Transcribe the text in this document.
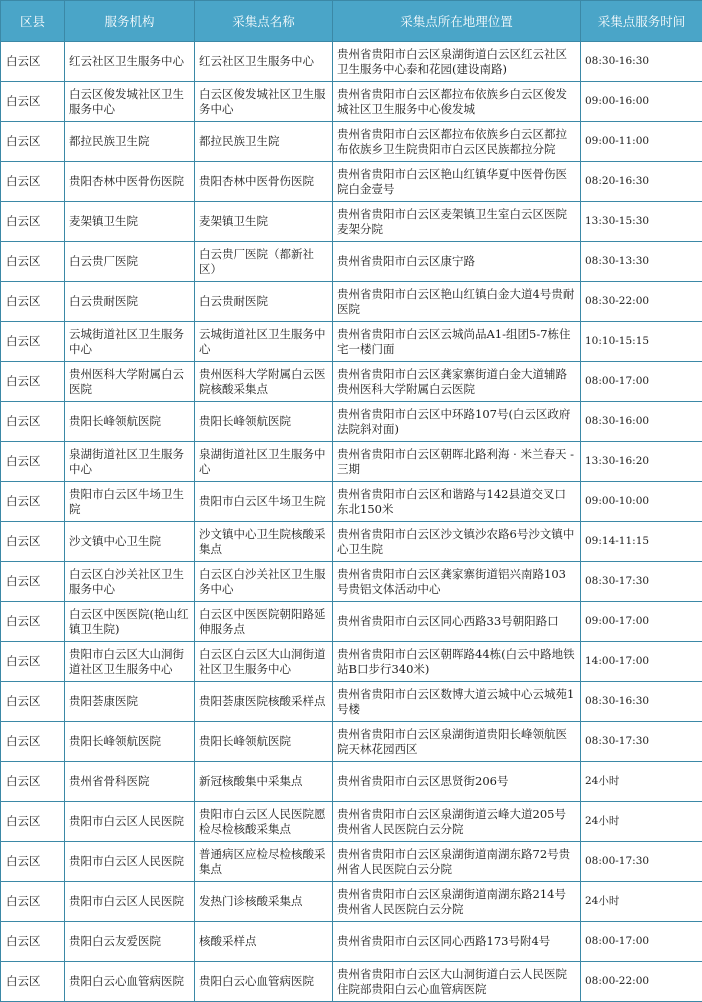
区县	服务机构	采集点名称	采集点所在地理位置	采集点服务时间
白云区	红云社区卫生服务中心	红云社区卫生服务中心	贵州省贵阳市白云区泉湖街道白云区红云社区卫生服务中心泰和花园(建设南路)	08:30-16:30
白云区	白云区俊发城社区卫生服务中心	白云区俊发城社区卫生服务中心	贵州省贵阳市白云区都拉布依族乡白云区俊发城社区卫生服务中心俊发城	09:00-16:00
白云区	都拉民族卫生院	都拉民族卫生院	贵州省贵阳市白云区都拉布依族乡白云区都拉布依族乡卫生院贵阳市白云区民族都拉分院	09:00-11:00
白云区	贵阳杏林中医骨伤医院	贵阳杏林中医骨伤医院	贵州省贵阳市白云区艳山红镇华夏中医骨伤医院白金壹号	08:20-16:30
白云区	麦架镇卫生院	麦架镇卫生院	贵州省贵阳市白云区麦架镇卫生室白云区医院麦架分院	13:30-15:30
白云区	白云贵厂医院	白云贵厂医院（都新社区）	贵州省贵阳市白云区康宁路	08:30-13:30
白云区	白云贵耐医院	白云贵耐医院	贵州省贵阳市白云区艳山红镇白金大道4号贵耐医院	08:30-22:00
白云区	云城街道社区卫生服务中心	云城街道社区卫生服务中心	贵州省贵阳市白云区云城尚品A1-组团5-7栋住宅一楼门面	10:10-15:15
白云区	贵州医科大学附属白云医院	贵州医科大学附属白云医院核酸采集点	贵州省贵阳市白云区龚家寨街道白金大道辅路贵州医科大学附属白云医院	08:00-17:00
白云区	贵阳长峰领航医院	贵阳长峰领航医院	贵州省贵阳市白云区中环路107号(白云区政府法院斜对面)	08:30-16:00
白云区	泉湖街道社区卫生服务中心	泉湖街道社区卫生服务中心	贵州省贵阳市白云区朝晖北路利海 · 米兰春天 -三期	13:30-16:20
白云区	贵阳市白云区牛场卫生院	贵阳市白云区牛场卫生院	贵州省贵阳市白云区和谐路与142县道交叉口东北150米	09:00-10:00
白云区	沙文镇中心卫生院	沙文镇中心卫生院核酸采集点	贵州省贵阳市白云区沙文镇沙农路6号沙文镇中心卫生院	09:14-11:15
白云区	白云区白沙关社区卫生服务中心	白云区白沙关社区卫生服务中心	贵州省贵阳市白云区龚家寨街道铝兴南路103号贵铝文体活动中心	08:30-17:30
白云区	白云区中医医院(艳山红镇卫生院)	白云区中医医院朝阳路延伸服务点	贵州省贵阳市白云区同心西路33号朝阳路口	09:00-17:00
白云区	贵阳市白云区大山洞街道社区卫生服务中心	白云区白云区大山洞街道社区卫生服务中心	贵州省贵阳市白云区朝晖路44栋(白云中路地铁站B口步行340米)	14:00-17:00
白云区	贵阳荟康医院	贵阳荟康医院核酸采样点	贵州省贵阳市白云区数博大道云城中心云城苑1号楼	08:30-16:30
白云区	贵阳长峰领航医院	贵阳长峰领航医院	贵州省贵阳市白云区泉湖街道贵阳长峰领航医院天林花园西区	08:30-17:30
白云区	贵州省骨科医院	新冠核酸集中采集点	贵州省贵阳市白云区思贤街206号	24小时
白云区	贵阳市白云区人民医院	贵阳市白云区人民医院愿检尽检核酸采集点	贵州省贵阳市白云区泉湖街道云峰大道205号贵州省人民医院白云分院	24小时
白云区	贵阳市白云区人民医院	普通病区应检尽检核酸采集点	贵州省贵阳市白云区泉湖街道南湖东路72号贵州省人民医院白云分院	08:00-17:30
白云区	贵阳市白云区人民医院	发热门诊核酸采集点	贵州省贵阳市白云区泉湖街道南湖东路214号贵州省人民医院白云分院	24小时
白云区	贵阳白云友爱医院	核酸采样点	贵州省贵阳市白云区同心西路173号附4号	08:00-17:00
白云区	贵阳白云心血管病医院	贵阳白云心血管病医院	贵州省贵阳市白云区大山洞街道白云人民医院住院部贵阳白云心血管病医院	08:00-22:00
